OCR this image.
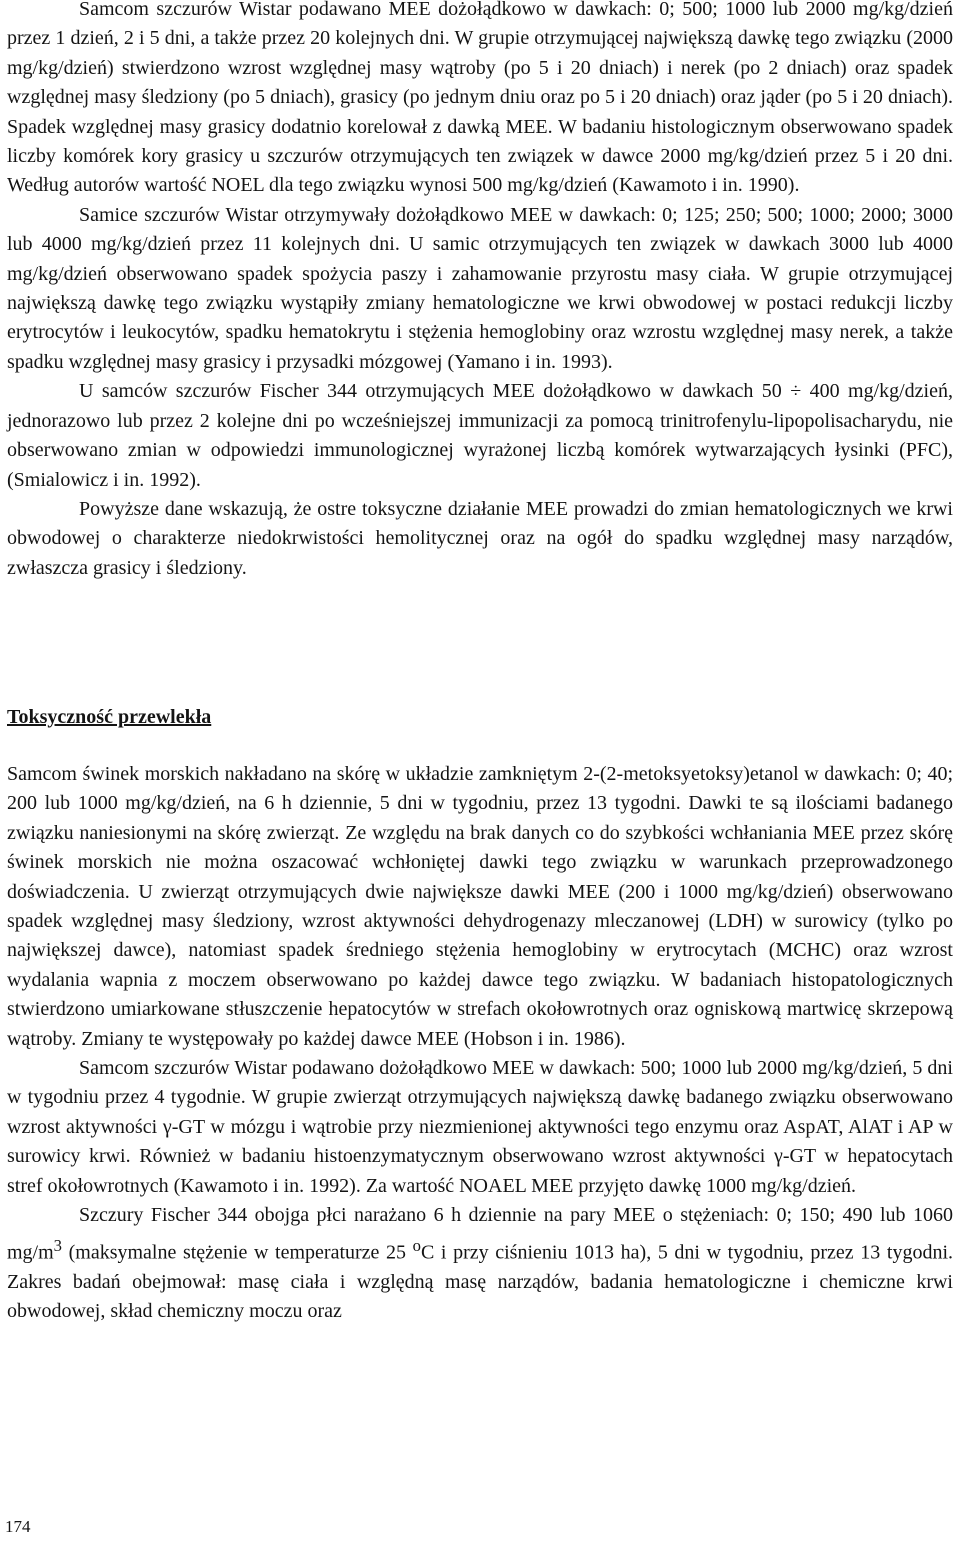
Samcom szczurów Wistar podawano MEE dożołądkowo w dawkach: 0; 500; 1000 lub 2000 mg/kg/dzień przez 1 dzień, 2 i 5 dni, a także przez 20 kolejnych dni. W grupie otrzymującej największą dawkę tego związku (2000 mg/kg/dzień) stwierdzono wzrost względnej masy wątroby (po 5 i 20 dniach) i nerek (po 2 dniach) oraz spadek względnej masy śledziony (po 5 dniach), grasicy (po jednym dniu oraz po 5 i 20 dniach) oraz jąder (po 5 i 20 dniach). Spadek względnej masy grasicy dodatnio korelował z dawką MEE. W badaniu histologicznym obserwowano spadek liczby komórek kory grasicy u szczurów otrzymujących ten związek w dawce 2000 mg/kg/dzień przez 5 i 20 dni. Według autorów wartość NOEL dla tego związku wynosi 500 mg/kg/dzień (Kawamoto i in. 1990).

Samice szczurów Wistar otrzymywały dożołądkowo MEE w dawkach: 0; 125; 250; 500; 1000; 2000; 3000 lub 4000 mg/kg/dzień przez 11 kolejnych dni. U samic otrzymujących ten związek w dawkach 3000 lub 4000 mg/kg/dzień obserwowano spadek spożycia paszy i zahamowanie przyrostu masy ciała. W grupie otrzymującej największą dawkę tego związku wystąpiły zmiany hematologiczne we krwi obwodowej w postaci redukcji liczby erytrocytów i leukocytów, spadku hematokrytu i stężenia hemoglobiny oraz wzrostu względnej masy nerek, a także spadku względnej masy grasicy i przysadki mózgowej (Yamano i in. 1993).

U samców szczurów Fischer 344 otrzymujących MEE dożołądkowo w dawkach 50 ÷ 400 mg/kg/dzień, jednorazowo lub przez 2 kolejne dni po wcześniejszej immunizacji za pomocą trinitrofenylu-lipopolisacharydu, nie obserwowano zmian w odpowiedzi immunologicznej wyrażonej liczbą komórek wytwarzających łysinki (PFC), (Smialowicz i in. 1992).

Powyższe dane wskazują, że ostre toksyczne działanie MEE prowadzi do zmian hematologicznych we krwi obwodowej o charakterze niedokrwistości hemolitycznej oraz na ogół do spadku względnej masy narządów, zwłaszcza grasicy i śledziony.

Toksyczność przewlekła

Samcom świnek morskich nakładano na skórę w układzie zamkniętym 2-(2-metoksyetoksy)etanol w dawkach: 0; 40; 200 lub 1000 mg/kg/dzień, na 6 h dziennie, 5 dni w tygodniu, przez 13 tygodni. Dawki te są ilościami badanego związku naniesionymi na skórę zwierząt. Ze względu na brak danych co do szybkości wchłaniania MEE przez skórę świnek morskich nie można oszacować wchłoniętej dawki tego związku w warunkach przeprowadzonego doświadczenia. U zwierząt otrzymujących dwie największe dawki MEE (200 i 1000 mg/kg/dzień) obserwowano spadek względnej masy śledziony, wzrost aktywności dehydrogenazy mleczanowej (LDH) w surowicy (tylko po największej dawce), natomiast spadek średniego stężenia hemoglobiny w erytrocytach (MCHC) oraz wzrost wydalania wapnia z moczem obserwowano po każdej dawce tego związku. W badaniach histopatologicznych stwierdzono umiarkowane stłuszczenie hepatocytów w strefach okołowrotnych oraz ogniskową martwicę skrzepową wątroby. Zmiany te występowały po każdej dawce MEE (Hobson i in. 1986).

Samcom szczurów Wistar podawano dożołądkowo MEE w dawkach: 500; 1000 lub 2000 mg/kg/dzień, 5 dni w tygodniu przez 4 tygodnie. W grupie zwierząt otrzymujących największą dawkę badanego związku obserwowano wzrost aktywności γ-GT w mózgu i wątrobie przy niezmienionej aktywności tego enzymu oraz AspAT, AlAT i AP w surowicy krwi. Również w badaniu histoenzymatycznym obserwowano wzrost aktywności γ-GT w hepatocytach stref okołowrotnych (Kawamoto i in. 1992). Za wartość NOAEL MEE przyjęto dawkę 1000 mg/kg/dzień.

Szczury Fischer 344 obojga płci narażano 6 h dziennie na pary MEE o stężeniach: 0; 150; 490 lub 1060 $mg/m^3$ (maksymalne stężenie w temperaturze 25 $^o$C i przy ciśnieniu 1013 ha), 5 dni w tygodniu, przez 13 tygodni. Zakres badań obejmował: masę ciała i względną masę narządów, badania hematologiczne i chemiczne krwi obwodowej, skład chemiczny moczu oraz

174
